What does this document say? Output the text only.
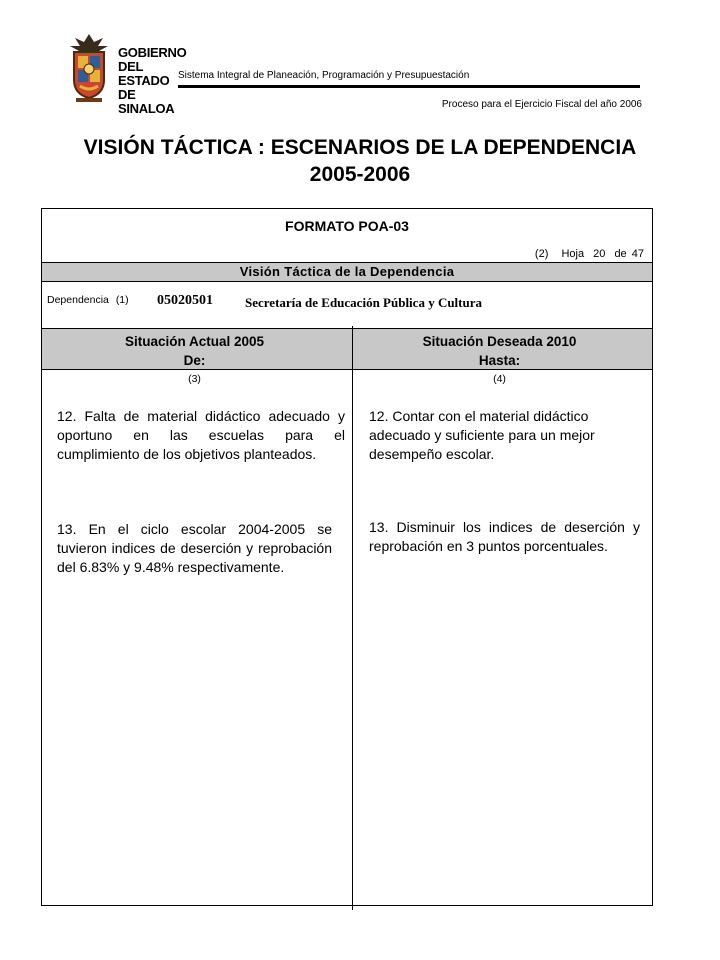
GOBIERNO
DEL ESTADO
DE SINALOA
Sistema Integral de Planeación, Programación y Presupuestación
Proceso para el Ejercicio Fiscal del año 2006
VISIÓN TÁCTICA : ESCENARIOS DE LA DEPENDENCIA
2005-2006
FORMATO POA-03
(2) Hoja 20 de 47
Visión Táctica de la Dependencia
Dependencia (1) 05020501 Secretaría de Educación Pública y Cultura
Situación Actual 2005
De:
Situación Deseada 2010
Hasta:
(3)	(4)
12. Falta de material didáctico adecuado y oportuno en las escuelas para el cumplimiento de los objetivos planteados.
13. En el ciclo escolar 2004-2005 se tuvieron indices de deserción y reprobación del 6.83% y 9.48% respectivamente.
12. Contar con el material didáctico adecuado y suficiente para un mejor desempeño escolar.
13. Disminuir los indices de deserción y reprobación en 3 puntos porcentuales.
